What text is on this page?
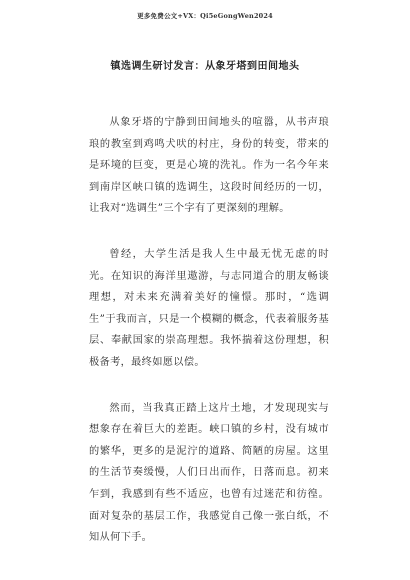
更多免费公文+VX：Qi5eGongWen2024
镇选调生研讨发言：从象牙塔到田间地头

从象牙塔的宁静到田间地头的喧嚣，从书声琅琅的教室到鸡鸣犬吠的村庄，身份的转变，带来的是环境的巨变，更是心境的洗礼。作为一名今年来到南岸区峡口镇的选调生，这段时间经历的一切，让我对“选调生”三个字有了更深刻的理解。

曾经，大学生活是我人生中最无忧无虑的时光。在知识的海洋里遨游，与志同道合的朋友畅谈理想，对未来充满着美好的憧憬。那时，“选调生”于我而言，只是一个模糊的概念，代表着服务基层、奉献国家的崇高理想。我怀揣着这份理想，积极备考，最终如愿以偿。

然而，当我真正踏上这片土地，才发现现实与想象存在着巨大的差距。峡口镇的乡村，没有城市的繁华，更多的是泥泞的道路、简陋的房屋。这里的生活节奏缓慢，人们日出而作，日落而息。初来乍到，我感到有些不适应，也曾有过迷茫和彷徨。面对复杂的基层工作，我感觉自己像一张白纸，不知从何下手。
